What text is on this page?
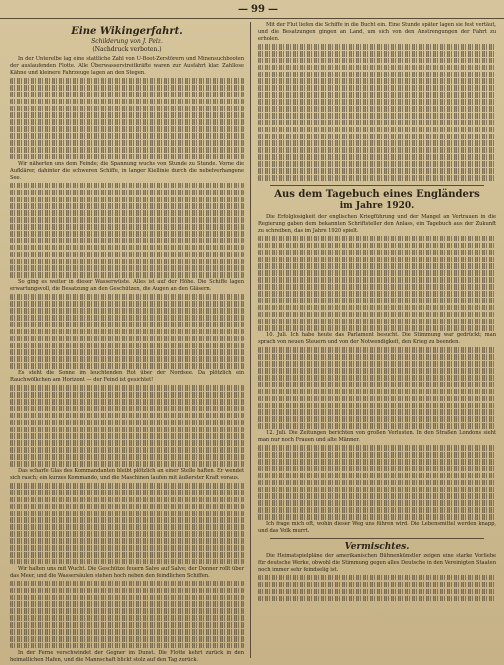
— 99 —
Eine Wikingerfahrt.
Schilderung von J. Pelz.
(Nachdruck verboten.)

In der Unterelbe lag eine stattliche Zahl von U-Boot-Zerstörern und Minensuchbooten der auslaufenden Flotte. Alle Überwasserstreitkräfte waren zur Ausfahrt klar. Zahllose Kähne und kleinere Fahrzeuge lagen an den Stegen.

Wir näherten uns dem Feinde; die Spannung wuchs von Stunde zu Stunde. Vorne die Aufklärer, dahinter die schweren Schiffe, in langer Kiellinie durch die nebelverhangene See.

So ging es weiter in dieser Wasserwüste. Alles ist auf der Höhe. Die Schiffe lagen erwartungsvoll, die Besatzung an den Geschützen, die Augen an den Gläsern.

Es steht die Sonne im leuchtenden Rot über der Nordsee. Da plötzlich ein Rauchwölkchen am Horizont — der Feind ist gesichtet!

Das scharfe Glas des Kommandanten bleibt plötzlich an einer Stelle haften. Er wendet sich rasch; ein kurzes Kommando, und die Maschinen laufen mit äußerster Kraft voraus.

Wir halten uns mit Wucht. Die Geschütze feuern Salve auf Salve; der Donner rollt über das Meer, und die Wassersäulen stehen hoch neben den feindlichen Schiffen.

In der Ferne verschwindet der Gegner im Dunst. Die Flotte kehrt zurück in den heimatlichen Hafen, und die Mannschaft blickt stolz auf den Tag zurück.

Mit der Flut liefen die Schiffe in die Bucht ein. Eine Stunde später lagen sie fest vertäut, und die Besatzungen gingen an Land, um sich von den Anstrengungen der Fahrt zu erholen.

Aus dem Tagebuch eines Engländers
im Jahre 1920.

Die Erfolglosigkeit der englischen Kriegführung und der Mangel an Vertrauen in die Regierung gaben dem bekannten Schriftsteller den Anlass, ein Tagebuch aus der Zukunft zu schreiben, das im Jahre 1920 spielt.

10. Juli. Ich habe heute das Parlament besucht. Die Stimmung war gedrückt; man sprach von neuen Steuern und von der Notwendigkeit, den Krieg zu beenden.

12. Juli. Die Zeitungen berichten von großen Verlusten. In den Straßen Londons sieht man nur noch Frauen und alte Männer.

Ich frage mich oft, wohin dieser Weg uns führen wird. Die Lebensmittel werden knapp, und das Volk murrt.

Vermischtes.

Die Heimatspielpläne der amerikanischen Bühnenkünstler zeigen eine starke Vorliebe für deutsche Werke, obwohl die Stimmung gegen alles Deutsche in den Vereinigten Staaten noch immer sehr feindselig ist.
